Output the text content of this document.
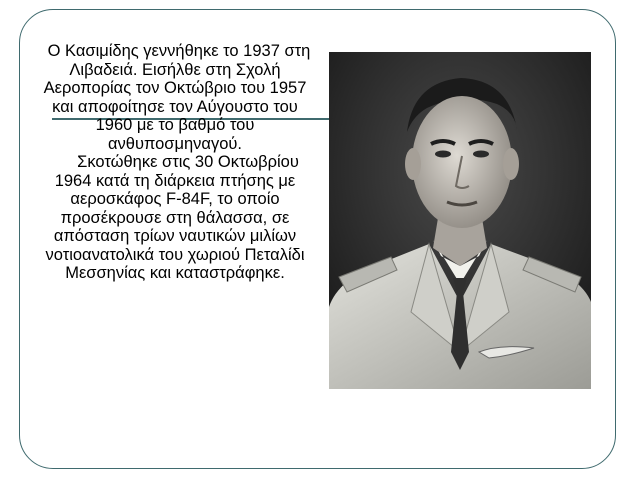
Ο Κασιμίδης γεννήθηκε το 1937 στη Λιβαδειά. Εισήλθε στη Σχολή Αεροπορίας τον Οκτώβριο του 1957 και αποφοίτησε τον Αύγουστο του 1960 με το βαθμό του ανθυποσμηναγού.

Σκοτώθηκε στις 30 Οκτωβρίου 1964 κατά τη διάρκεια πτήσης με αεροσκάφος F-84F, το οποίο προσέκρουσε στη θάλασσα, σε απόσταση τρίων ναυτικών μιλίων νοτιοανατολικά του χωριού Πεταλίδι Μεσσηνίας και καταστράφηκε.
